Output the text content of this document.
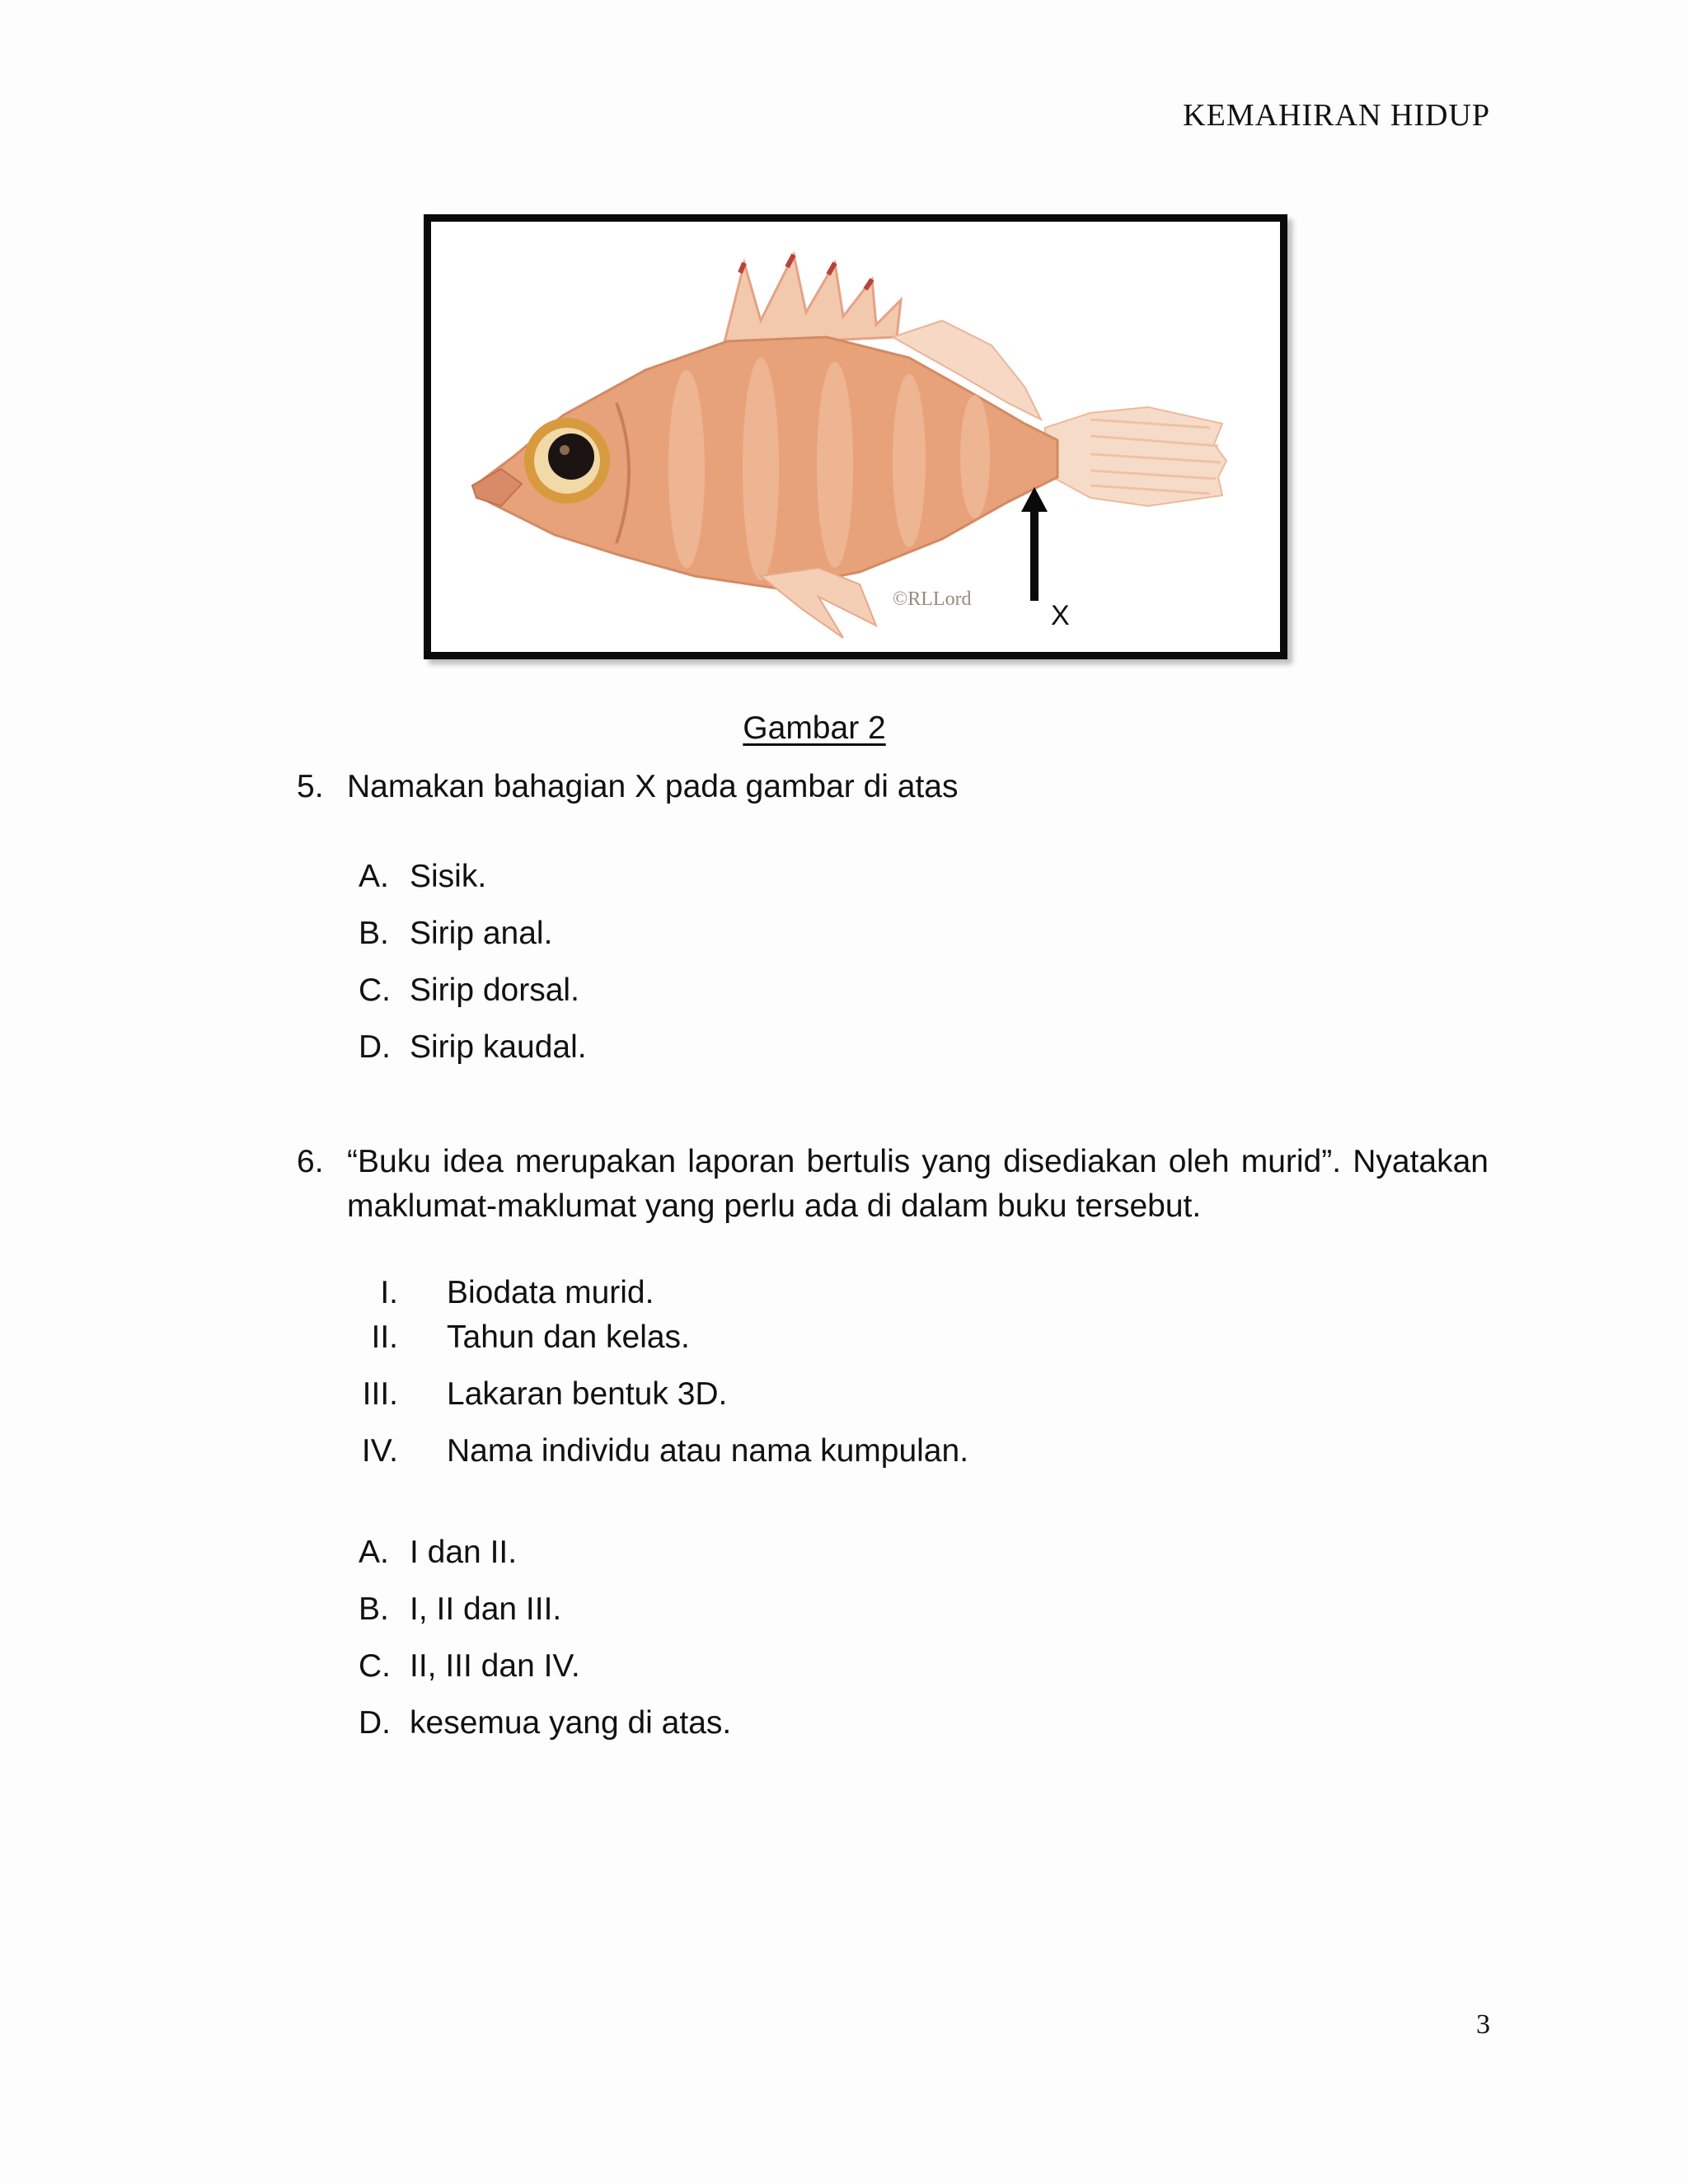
KEMAHIRAN HIDUP
©RLLord
X
Gambar 2
5. Namakan bahagian X pada gambar di atas
A. Sisik.
B. Sirip anal.
C. Sirip dorsal.
D. Sirip kaudal.
6. “Buku idea merupakan laporan bertulis yang disediakan oleh murid”. Nyatakan maklumat-maklumat yang perlu ada di dalam buku tersebut.
I. Biodata murid.
II. Tahun dan kelas.
III. Lakaran bentuk 3D.
IV. Nama individu atau nama kumpulan.
A. I dan II.
B. I, II dan III.
C. II, III dan IV.
D. kesemua yang di atas.
3
